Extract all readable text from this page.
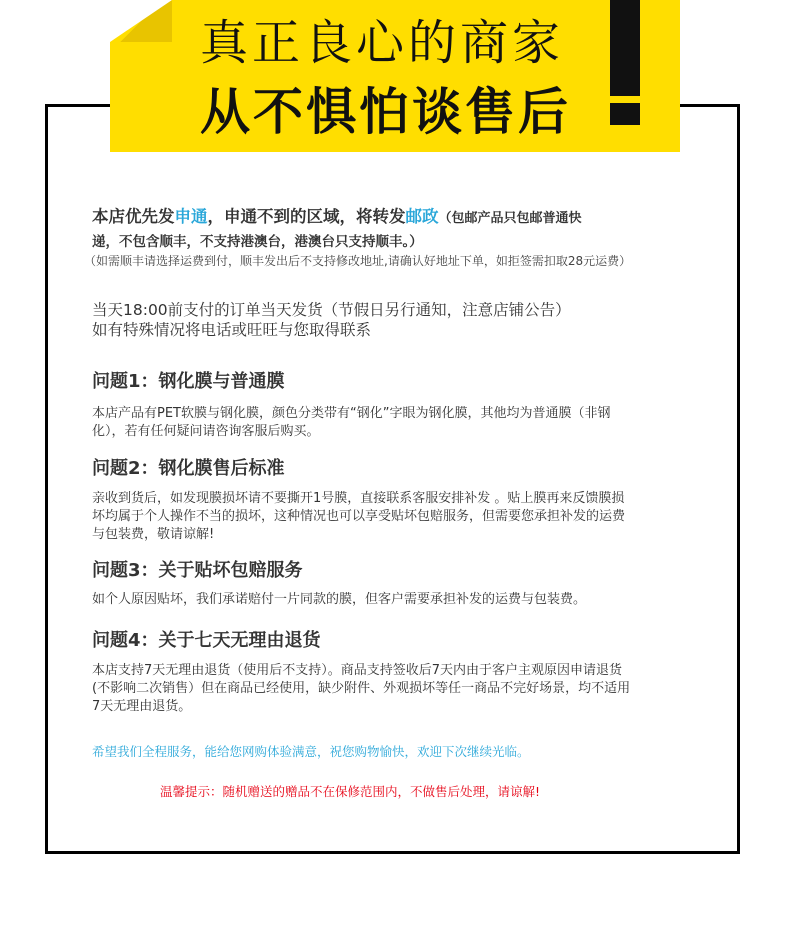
真正良心的商家
从不惧怕谈售后
本店优先发申通，申通不到的区域，将转发邮政（包邮产品只包邮普通快
递，不包含顺丰，不支持港澳台，港澳台只支持顺丰。）
（如需顺丰请选择运费到付，顺丰发出后不支持修改地址,请确认好地址下单，如拒签需扣取28元运费）
当天18:00前支付的订单当天发货（节假日另行通知，注意店铺公告）
如有特殊情况将电话或旺旺与您取得联系
问题1：钢化膜与普通膜
本店产品有PET软膜与钢化膜，颜色分类带有“钢化”字眼为钢化膜，其他均为普通膜（非钢
化），若有任何疑问请咨询客服后购买。
问题2：钢化膜售后标准
亲收到货后，如发现膜损坏请不要撕开1号膜，直接联系客服安排补发 。贴上膜再来反馈膜损
坏均属于个人操作不当的损坏，这种情况也可以享受贴坏包赔服务，但需要您承担补发的运费
与包装费，敬请谅解!
问题3：关于贴坏包赔服务
如个人原因贴坏，我们承诺赔付一片同款的膜，但客户需要承担补发的运费与包装费。
问题4：关于七天无理由退货
本店支持7天无理由退货（使用后不支持）。商品支持签收后7天内由于客户主观原因申请退货
(不影响二次销售）但在商品已经使用，缺少附件、外观损坏等任一商品不完好场景，均不适用
7天无理由退货。
希望我们全程服务，能给您网购体验满意，祝您购物愉快，欢迎下次继续光临。
温馨提示：随机赠送的赠品不在保修范围内，不做售后处理，请谅解!
